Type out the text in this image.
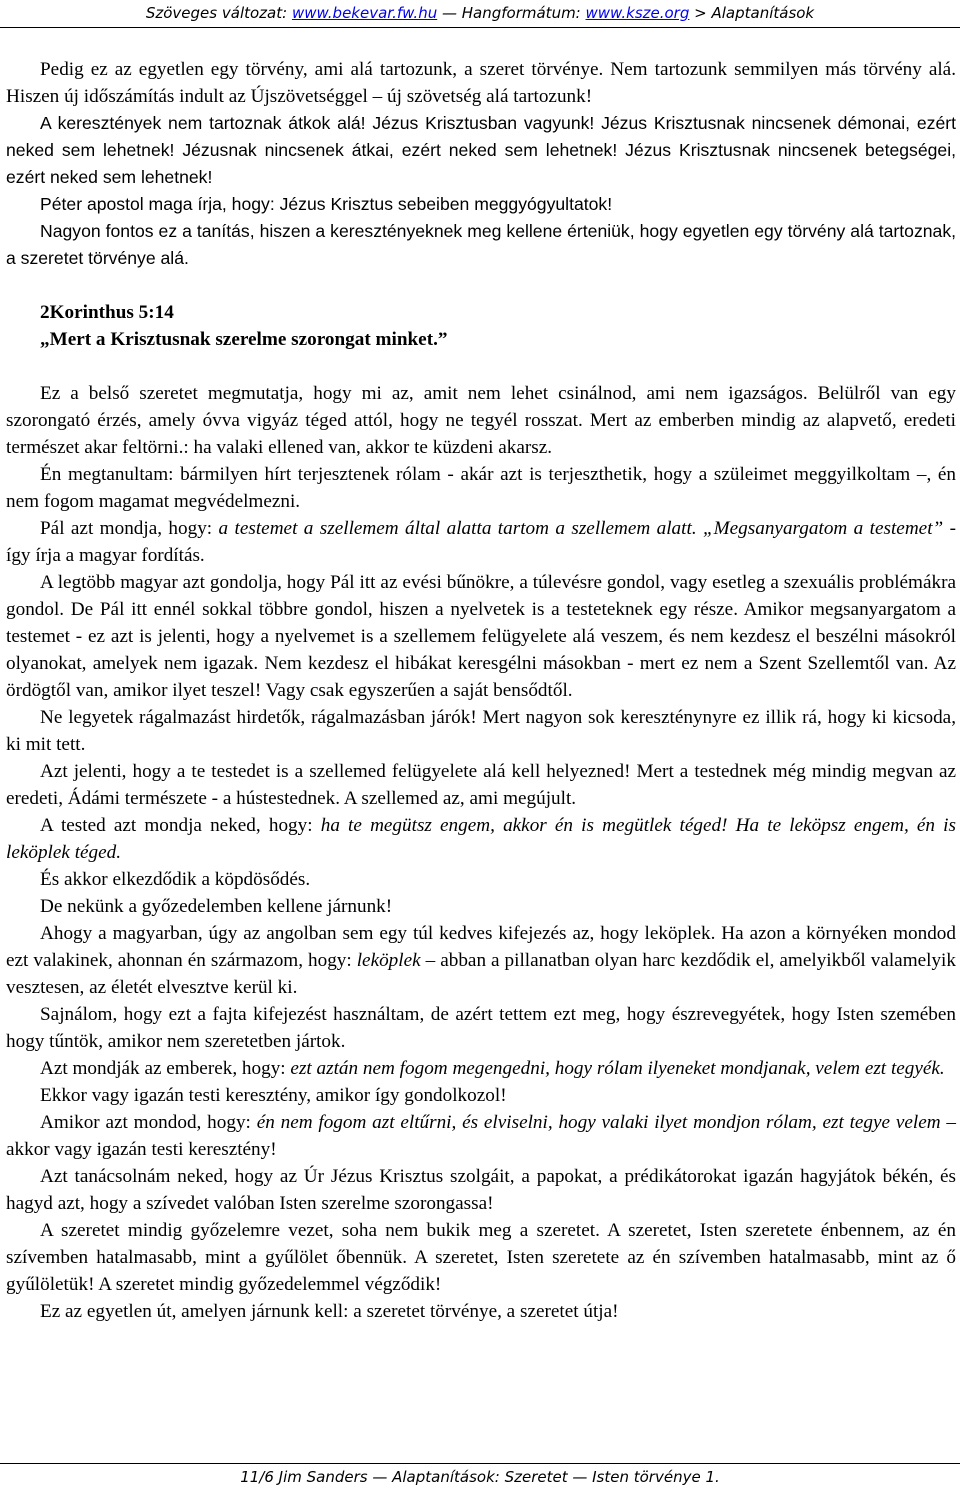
Szöveges változat: www.bekevar.fw.hu — Hangformátum: www.ksze.org > Alaptanítások

Pedig ez az egyetlen egy törvény, ami alá tartozunk, a szeret törvénye. Nem tartozunk semmilyen más törvény alá. Hiszen új időszámítás indult az Újszövetséggel – új szövetség alá tartozunk!

A keresztények nem tartoznak átkok alá! Jézus Krisztusban vagyunk! Jézus Krisztusnak nincsenek démonai, ezért neked sem lehetnek! Jézusnak nincsenek átkai, ezért neked sem lehetnek! Jézus Krisztusnak nincsenek betegségei, ezért neked sem lehetnek!

Péter apostol maga írja, hogy: Jézus Krisztus sebeiben meggyógyultatok!

Nagyon fontos ez a tanítás, hiszen a keresztényeknek meg kellene érteniük, hogy egyetlen egy törvény alá tartoznak, a szeretet törvénye alá.

2Korinthus 5:14

„Mert a Krisztusnak szerelme szorongat minket.”

Ez a belső szeretet megmutatja, hogy mi az, amit nem lehet csinálnod, ami nem igazságos. Belülről van egy szorongató érzés, amely óvva vigyáz téged attól, hogy ne tegyél rosszat. Mert az emberben mindig az alapvető, eredeti természet akar feltörni.: ha valaki ellened van, akkor te küzdeni akarsz.

Én megtanultam: bármilyen hírt terjesztenek rólam - akár azt is terjeszthetik, hogy a szüleimet meggyilkoltam –, én nem fogom magamat megvédelmezni.

Pál azt mondja, hogy: a testemet a szellemem által alatta tartom a szellemem alatt. „Megsanyargatom a testemet” - így írja a magyar fordítás.

A legtöbb magyar azt gondolja, hogy Pál itt az evési bűnökre, a túlevésre gondol, vagy esetleg a szexuális problémákra gondol. De Pál itt ennél sokkal többre gondol, hiszen a nyelvetek is a testeteknek egy része. Amikor megsanyargatom a testemet - ez azt is jelenti, hogy a nyelvemet is a szellemem felügyelete alá veszem, és nem kezdesz el beszélni másokról olyanokat, amelyek nem igazak. Nem kezdesz el hibákat keresgélni másokban - mert ez nem a Szent Szellemtől van. Az ördögtől van, amikor ilyet teszel! Vagy csak egyszerűen a saját bensődtől.

Ne legyetek rágalmazást hirdetők, rágalmazásban járók! Mert nagyon sok kereszténynyre ez illik rá, hogy ki kicsoda, ki mit tett.

Azt jelenti, hogy a te testedet is a szellemed felügyelete alá kell helyezned! Mert a testednek még mindig megvan az eredeti, Ádámi természete - a hústestednek. A szellemed az, ami megújult.

A tested azt mondja neked, hogy: ha te megütsz engem, akkor én is megütlek téged! Ha te leköpsz engem, én is leköplek téged.

És akkor elkezdődik a köpdösődés.

De nekünk a győzedelemben kellene járnunk!

Ahogy a magyarban, úgy az angolban sem egy túl kedves kifejezés az, hogy leköplek. Ha azon a környéken mondod ezt valakinek, ahonnan én származom, hogy: leköplek – abban a pillanatban olyan harc kezdődik el, amelyikből valamelyik vesztesen, az életét elvesztve kerül ki.

Sajnálom, hogy ezt a fajta kifejezést használtam, de azért tettem ezt meg, hogy észrevegyétek, hogy Isten szemében hogy tűntök, amikor nem szeretetben jártok.

Azt mondják az emberek, hogy: ezt aztán nem fogom megengedni, hogy rólam ilyeneket mondjanak, velem ezt tegyék.

Ekkor vagy igazán testi keresztény, amikor így gondolkozol!

Amikor azt mondod, hogy: én nem fogom azt eltűrni, és elviselni, hogy valaki ilyet mondjon rólam, ezt tegye velem – akkor vagy igazán testi keresztény!

Azt tanácsolnám neked, hogy az Úr Jézus Krisztus szolgáit, a papokat, a prédikátorokat igazán hagyjátok békén, és hagyd azt, hogy a szívedet valóban Isten szerelme szorongassa!

A szeretet mindig győzelemre vezet, soha nem bukik meg a szeretet. A szeretet, Isten szeretete énbennem, az én szívemben hatalmasabb, mint a gyűlölet őbennük. A szeretet, Isten szeretete az én szívemben hatalmasabb, mint az ő gyűlöletük! A szeretet mindig győzedelemmel végződik!

Ez az egyetlen út, amelyen járnunk kell: a szeretet törvénye, a szeretet útja!

11/6 Jim Sanders — Alaptanítások: Szeretet — Isten törvénye 1.
